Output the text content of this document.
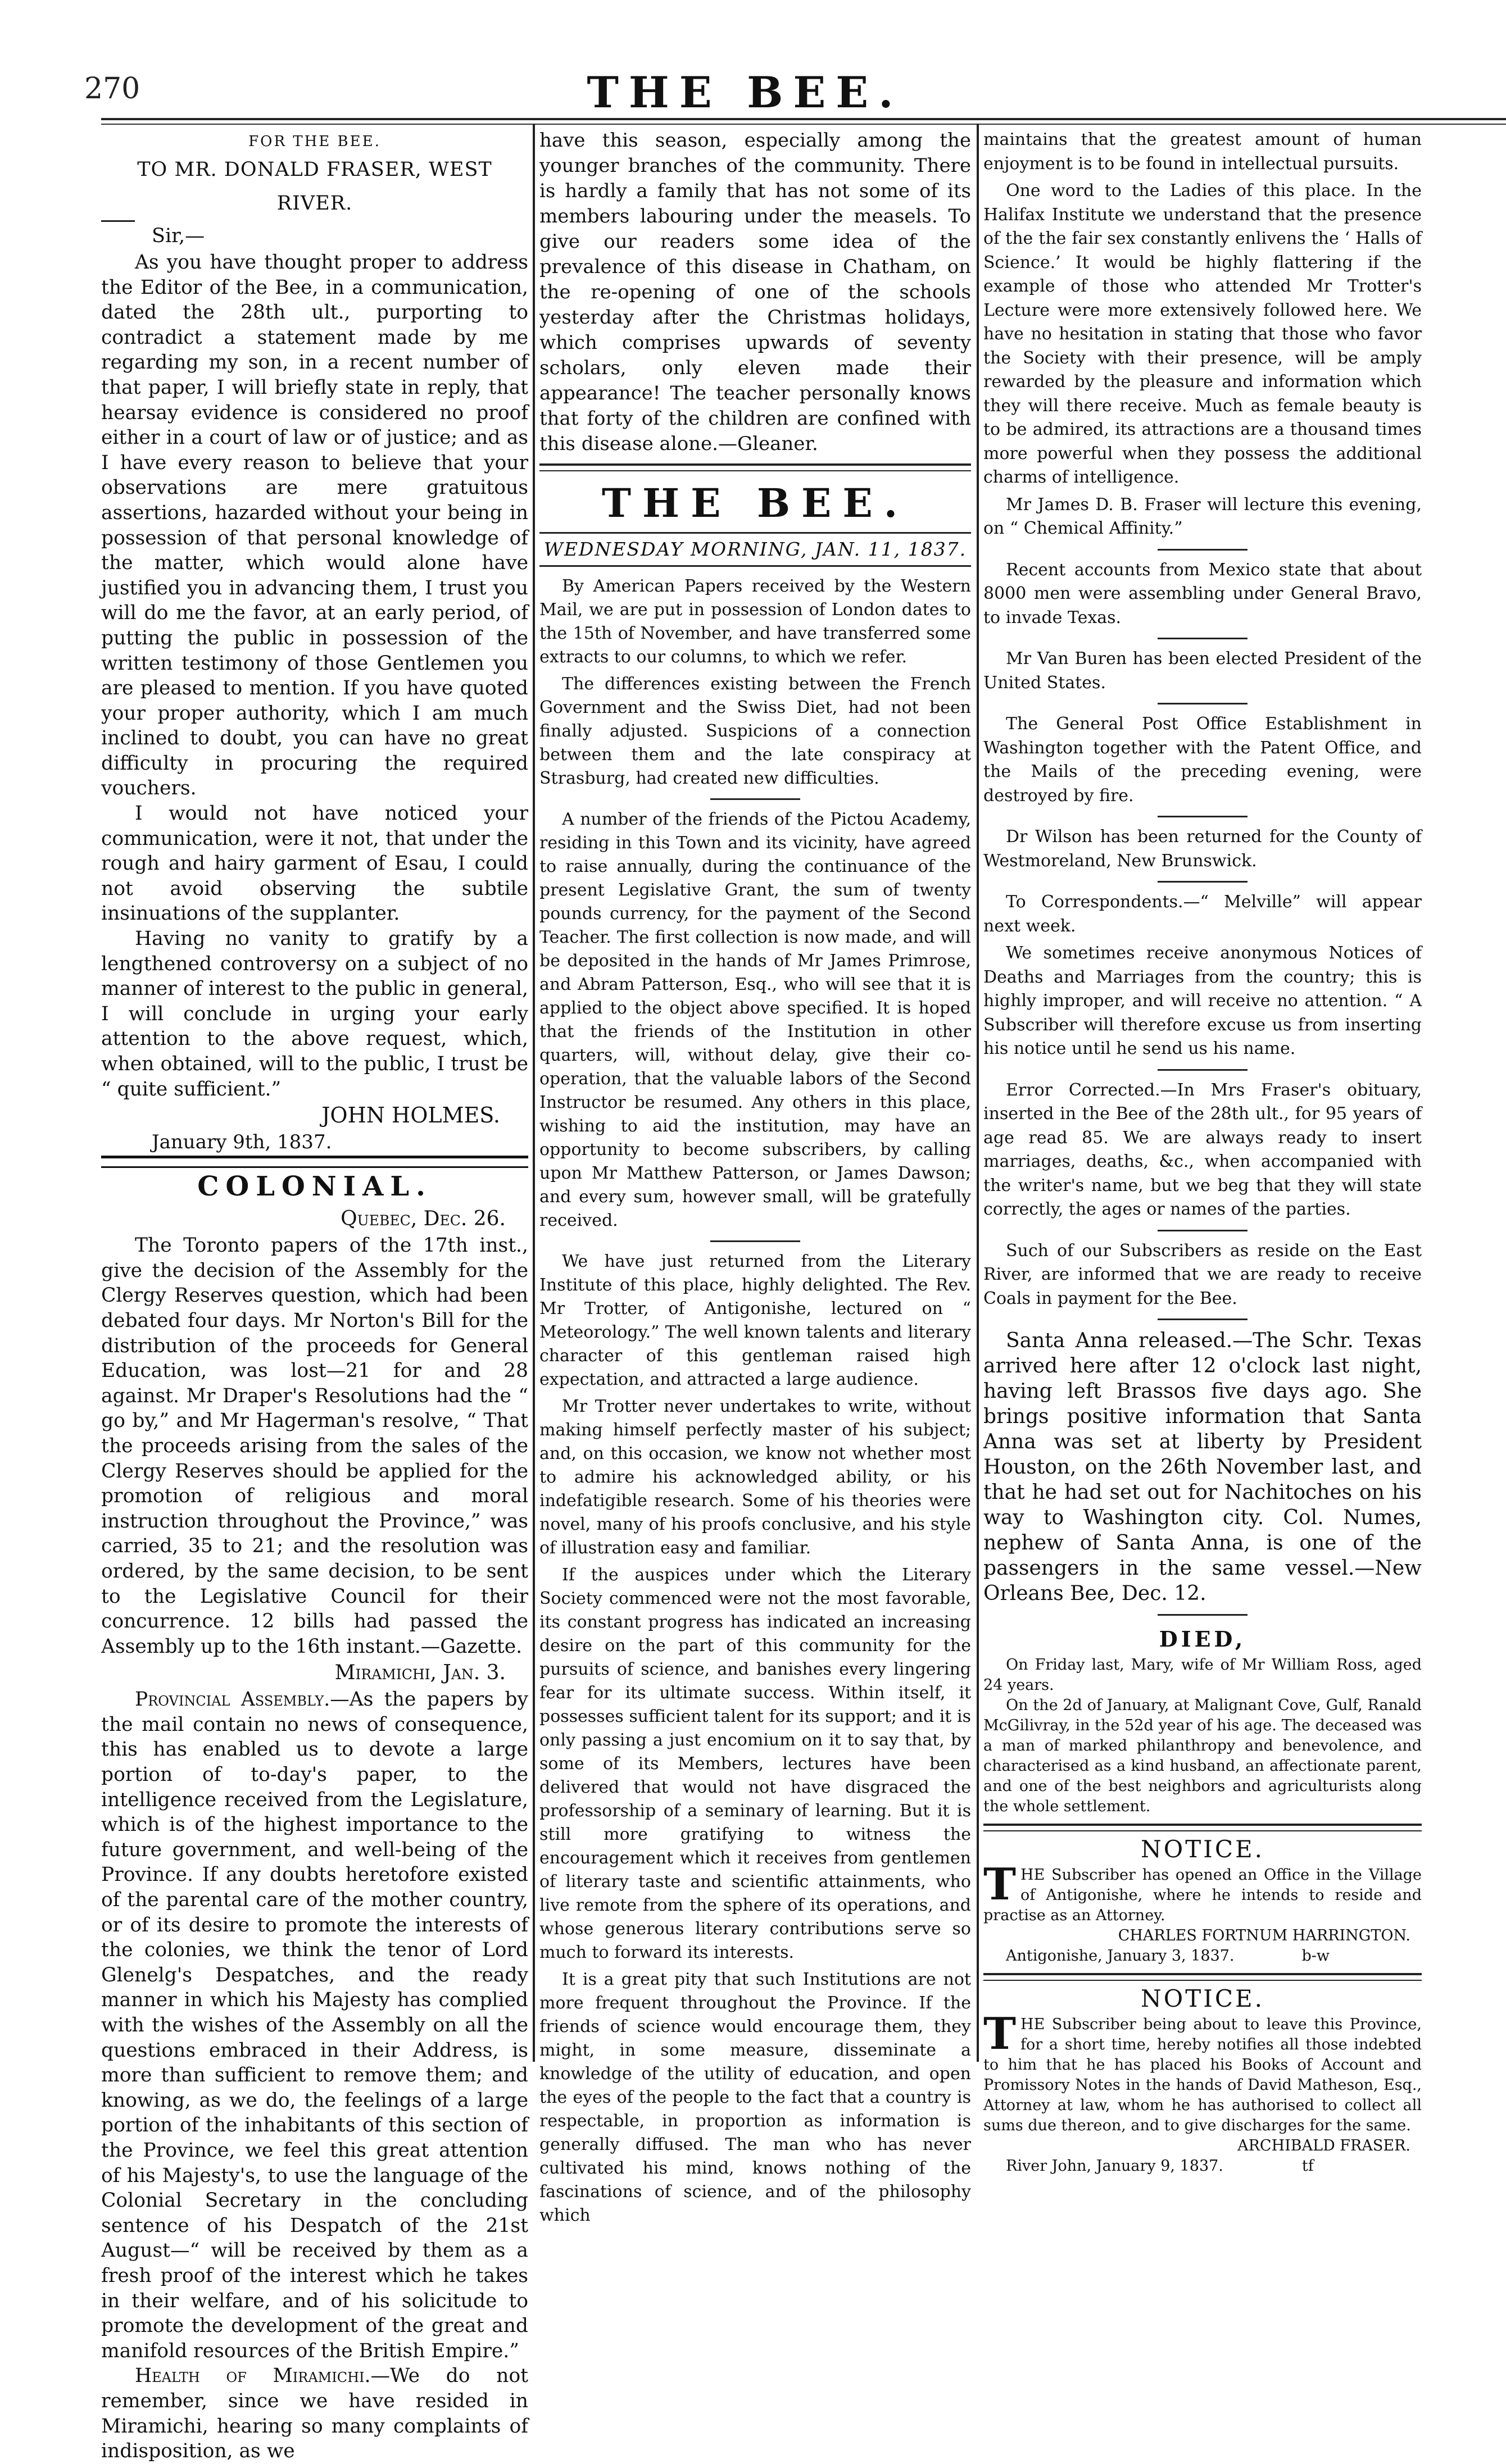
270	THE BEE.
FOR THE BEE.
TO MR. DONALD FRASER, WEST RIVER.
Sir,—

As you have thought proper to address the Editor of the Bee, in a communication, dated the 28th ult., purporting to contradict a statement made by me regarding my son, in a recent number of that paper, I will briefly state in reply, that hearsay evidence is considered no proof either in a court of law or of justice; and as I have every reason to believe that your observations are mere gratuitous assertions, hazarded without your being in possession of that personal knowledge of the matter, which would alone have justified you in advancing them, I trust you will do me the favor, at an early period, of putting the public in possession of the written testimony of those Gentlemen you are pleased to mention. If you have quoted your proper authority, which I am much inclined to doubt, you can have no great difficulty in procuring the required vouchers.

I would not have noticed your communication, were it not, that under the rough and hairy garment of Esau, I could not avoid observing the subtile insinuations of the supplanter.

Having no vanity to gratify by a lengthened controversy on a subject of no manner of interest to the public in general, I will conclude in urging your early attention to the above request, which, when obtained, will to the public, I trust be “ quite sufficient.”

JOHN HOLMES.
January 9th, 1837.
COLONIAL.
Quebec, Dec. 26.

The Toronto papers of the 17th inst., give the decision of the Assembly for the Clergy Reserves question, which had been debated four days. Mr Norton's Bill for the distribution of the proceeds for General Education, was lost—21 for and 28 against. Mr Draper's Resolutions had the “ go by,” and Mr Hagerman's resolve, “ That the proceeds arising from the sales of the Clergy Reserves should be applied for the promotion of religious and moral instruction throughout the Province,” was carried, 35 to 21; and the resolution was ordered, by the same decision, to be sent to the Legislative Council for their concurrence. 12 bills had passed the Assembly up to the 16th instant.—Gazette.

Miramichi, Jan. 3.

Provincial Assembly.—As the papers by the mail contain no news of consequence, this has enabled us to devote a large portion of to-day's paper, to the intelligence received from the Legislature, which is of the highest importance to the future government, and well-being of the Province. If any doubts heretofore existed of the parental care of the mother country, or of its desire to promote the interests of the colonies, we think the tenor of Lord Glenelg's Despatches, and the ready manner in which his Majesty has complied with the wishes of the Assembly on all the questions embraced in their Address, is more than sufficient to remove them; and knowing, as we do, the feelings of a large portion of the inhabitants of this section of the Province, we feel this great attention of his Majesty's, to use the language of the Colonial Secretary in the concluding sentence of his Despatch of the 21st August—“ will be received by them as a fresh proof of the interest which he takes in their welfare, and of his solicitude to promote the development of the great and manifold resources of the British Empire.”

Health of Miramichi.—We do not remember, since we have resided in Miramichi, hearing so many complaints of indisposition, as we

have this season, especially among the younger branches of the community. There is hardly a family that has not some of its members labouring under the measels. To give our readers some idea of the prevalence of this disease in Chatham, on the re-opening of one of the schools yesterday after the Christmas holidays, which comprises upwards of seventy scholars, only eleven made their appearance! The teacher personally knows that forty of the children are confined with this disease alone.—Gleaner.

THE BEE.
WEDNESDAY MORNING, JAN. 11, 1837.

By American Papers received by the Western Mail, we are put in possession of London dates to the 15th of November, and have transferred some extracts to our columns, to which we refer.

The differences existing between the French Government and the Swiss Diet, had not been finally adjusted. Suspicions of a connection between them and the late conspiracy at Strasburg, had created new difficulties.

A number of the friends of the Pictou Academy, residing in this Town and its vicinity, have agreed to raise annually, during the continuance of the present Legislative Grant, the sum of twenty pounds currency, for the payment of the Second Teacher. The first collection is now made, and will be deposited in the hands of Mr James Primrose, and Abram Patterson, Esq., who will see that it is applied to the object above specified. It is hoped that the friends of the Institution in other quarters, will, without delay, give their co-operation, that the valuable labors of the Second Instructor be resumed. Any others in this place, wishing to aid the institution, may have an opportunity to become subscribers, by calling upon Mr Matthew Patterson, or James Dawson; and every sum, however small, will be gratefully received.

We have just returned from the Literary Institute of this place, highly delighted. The Rev. Mr Trotter, of Antigonishe, lectured on “ Meteorology.” The well known talents and literary character of this gentleman raised high expectation, and attracted a large audience.

Mr Trotter never undertakes to write, without making himself perfectly master of his subject; and, on this occasion, we know not whether most to admire his acknowledged ability, or his indefatigible research. Some of his theories were novel, many of his proofs conclusive, and his style of illustration easy and familiar.

If the auspices under which the Literary Society commenced were not the most favorable, its constant progress has indicated an increasing desire on the part of this community for the pursuits of science, and banishes every lingering fear for its ultimate success. Within itself, it possesses sufficient talent for its support; and it is only passing a just encomium on it to say that, by some of its Members, lectures have been delivered that would not have disgraced the professorship of a seminary of learning. But it is still more gratifying to witness the encouragement which it receives from gentlemen of literary taste and scientific attainments, who live remote from the sphere of its operations, and whose generous literary contributions serve so much to forward its interests.

It is a great pity that such Institutions are not more frequent throughout the Province. If the friends of science would encourage them, they might, in some measure, disseminate a knowledge of the utility of education, and open the eyes of the people to the fact that a country is respectable, in proportion as information is generally diffused. The man who has never cultivated his mind, knows nothing of the fascinations of science, and of the philosophy which

maintains that the greatest amount of human enjoyment is to be found in intellectual pursuits.

One word to the Ladies of this place. In the Halifax Institute we understand that the presence of the the fair sex constantly enlivens the ‘ Halls of Science.’ It would be highly flattering if the example of those who attended Mr Trotter's Lecture were more extensively followed here. We have no hesitation in stating that those who favor the Society with their presence, will be amply rewarded by the pleasure and information which they will there receive. Much as female beauty is to be admired, its attractions are a thousand times more powerful when they possess the additional charms of intelligence.

Mr James D. B. Fraser will lecture this evening, on “ Chemical Affinity.”

Recent accounts from Mexico state that about 8000 men were assembling under General Bravo, to invade Texas.

Mr Van Buren has been elected President of the United States.

The General Post Office Establishment in Washington together with the Patent Office, and the Mails of the preceding evening, were destroyed by fire.

Dr Wilson has been returned for the County of Westmoreland, New Brunswick.

To Correspondents.—“ Melville” will appear next week.

We sometimes receive anonymous Notices of Deaths and Marriages from the country; this is highly improper, and will receive no attention. “ A Subscriber will therefore excuse us from inserting his notice until he send us his name.

Error Corrected.—In Mrs Fraser's obituary, inserted in the Bee of the 28th ult., for 95 years of age read 85. We are always ready to insert marriages, deaths, &c., when accompanied with the writer's name, but we beg that they will state correctly, the ages or names of the parties.

Such of our Subscribers as reside on the East River, are informed that we are ready to receive Coals in payment for the Bee.

Santa Anna released.—The Schr. Texas arrived here after 12 o'clock last night, having left Brassos five days ago. She brings positive information that Santa Anna was set at liberty by President Houston, on the 26th November last, and that he had set out for Nachitoches on his way to Washington city. Col. Numes, nephew of Santa Anna, is one of the passengers in the same vessel.—New Orleans Bee, Dec. 12.

DIED,

On Friday last, Mary, wife of Mr William Ross, aged 24 years.

On the 2d of January, at Malignant Cove, Gulf, Ranald McGilivray, in the 52d year of his age. The deceased was a man of marked philanthropy and benevolence, and characterised as a kind husband, an affectionate parent, and one of the best neighbors and agriculturists along the whole settlement.

NOTICE.

THE Subscriber has opened an Office in the Village of Antigonishe, where he intends to reside and practise as an Attorney.

CHARLES FORTNUM HARRINGTON.

Antigonishe, January 3, 1837.	b-w

NOTICE.

THE Subscriber being about to leave this Province, for a short time, hereby notifies all those indebted to him that he has placed his Books of Account and Promissory Notes in the hands of David Matheson, Esq., Attorney at law, whom he has authorised to collect all sums due thereon, and to give discharges for the same.

ARCHIBALD FRASER.

River John, January 9, 1837.	tf
